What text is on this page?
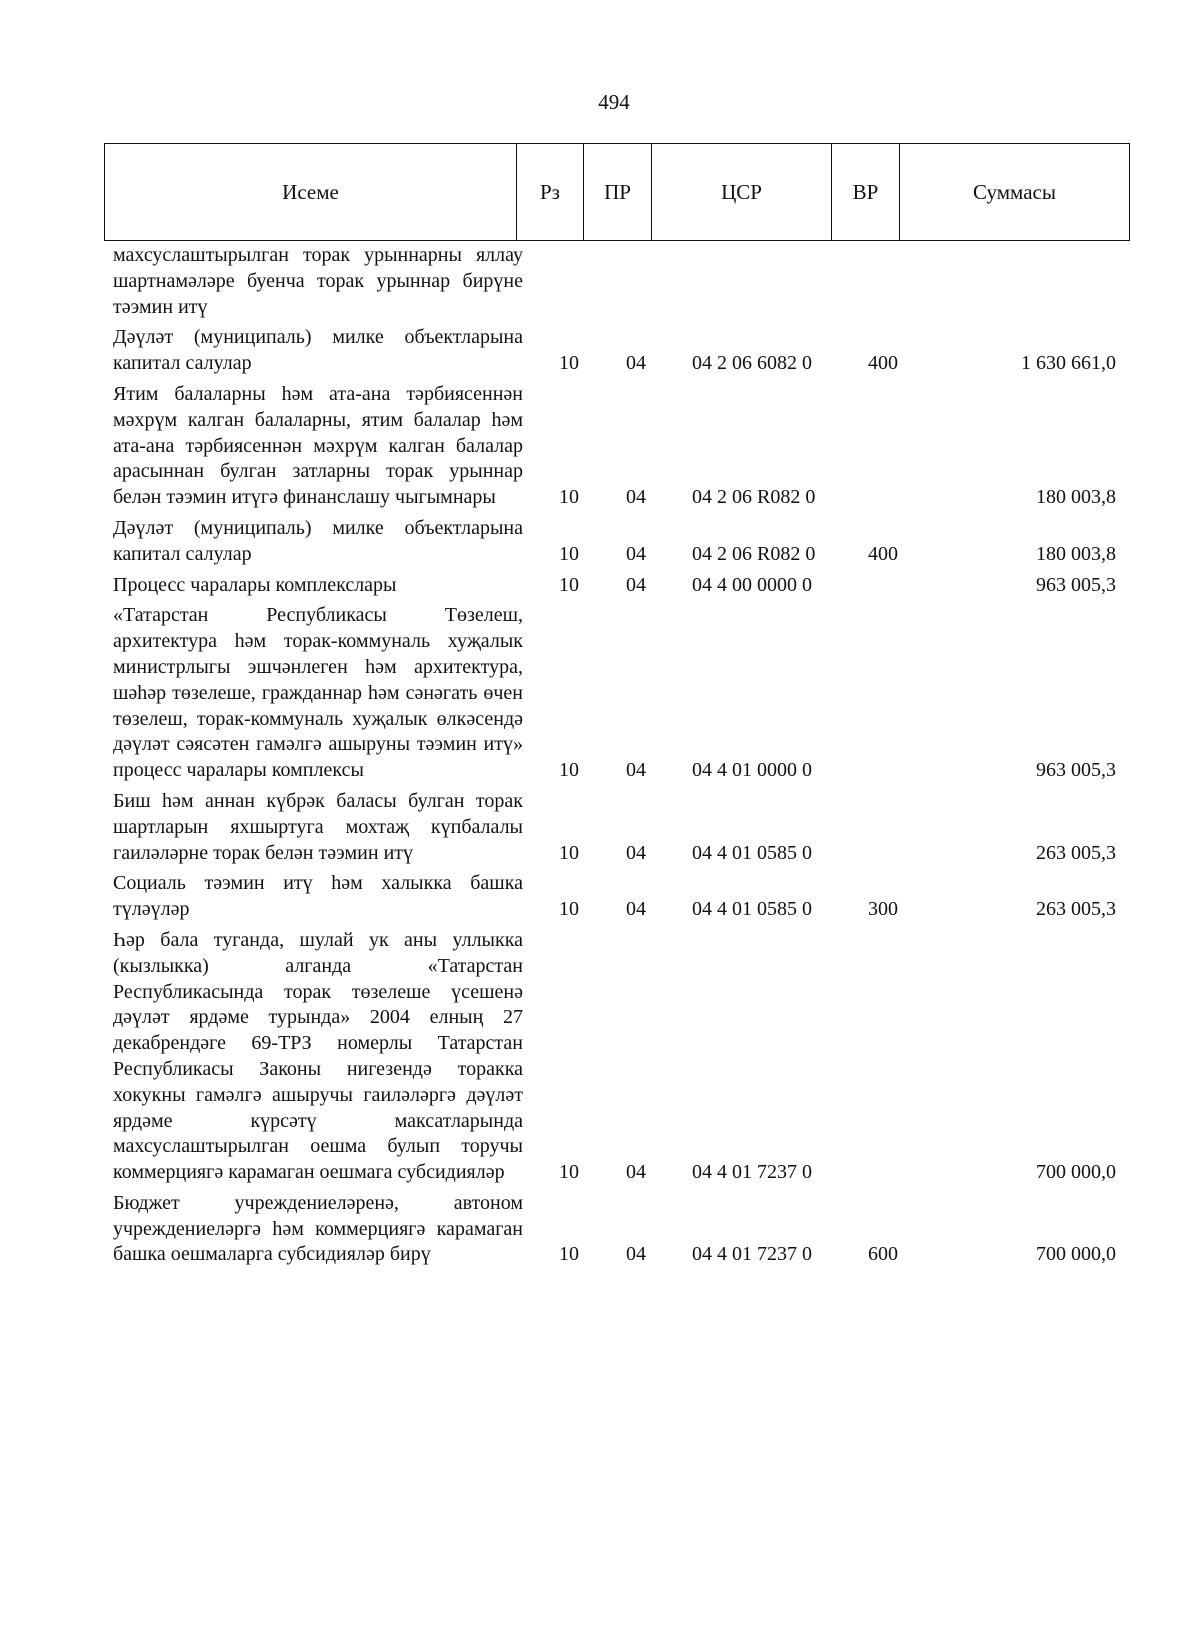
494
Исеме	Рз	ПР	ЦСР	ВР	Суммасы
махсуслаштырылган торак урыннарны яллау шартнамәләре буенча торак урыннар бирүне тәэмин итү
Дәүләт (муниципаль) милке объектларына капитал салулар	10 04 04 2 06 6082 0	400	1 630 661,0
Ятим балаларны һәм ата-ана тәрбиясеннән мәхрүм калган балаларны, ятим балалар һәм ата-ана тәрбиясеннән мәхрүм калган балалар арасыннан булган затларны торак урыннар белән тәэмин итүгә финанслашу чыгымнары	10 04 04 2 06 R082 0	180 003,8
Дәүләт (муниципаль) милке объектларына капитал салулар	10 04 04 2 06 R082 0	400	180 003,8
Процесс чаралары комплекслары	10 04 04 4 00 0000 0	963 005,3
«Татарстан Республикасы Төзелеш, архитектура һәм торак-коммуналь хуҗалык министрлыгы эшчәнлеген һәм архитектура, шәһәр төзелеше, гражданнар һәм сәнәгать өчен төзелеш, торак-коммуналь хуҗалык өлкәсендә дәүләт сәясәтен гамәлгә ашыруны тәэмин итү» процесс чаралары комплексы	10 04 04 4 01 0000 0	963 005,3
Биш һәм аннан күбрәк баласы булган торак шартларын яхшыртуга мохтаҗ күпбалалы гаиләләрне торак белән тәэмин итү	10 04 04 4 01 0585 0	263 005,3
Социаль тәэмин итү һәм халыкка башка түләүләр	10 04 04 4 01 0585 0	300	263 005,3
Һәр бала туганда, шулай ук аны уллыкка (кызлыкка) алганда «Татарстан Республикасында торак төзелеше үсешенә дәүләт ярдәме турында» 2004 елның 27 декабрендәге 69-ТРЗ номерлы Татарстан Республикасы Законы нигезендә торакка хокукны гамәлгә ашыручы гаиләләргә дәүләт ярдәме күрсәтү максатларында махсуслаштырылган оешма булып торучы коммерциягә карамаган оешмага субсидияләр	10 04 04 4 01 7237 0	700 000,0
Бюджет учреждениеләренә, автоном учреждениеләргә һәм коммерциягә карамаган башка оешмаларга субсидияләр бирү	10 04 04 4 01 7237 0	600	700 000,0
